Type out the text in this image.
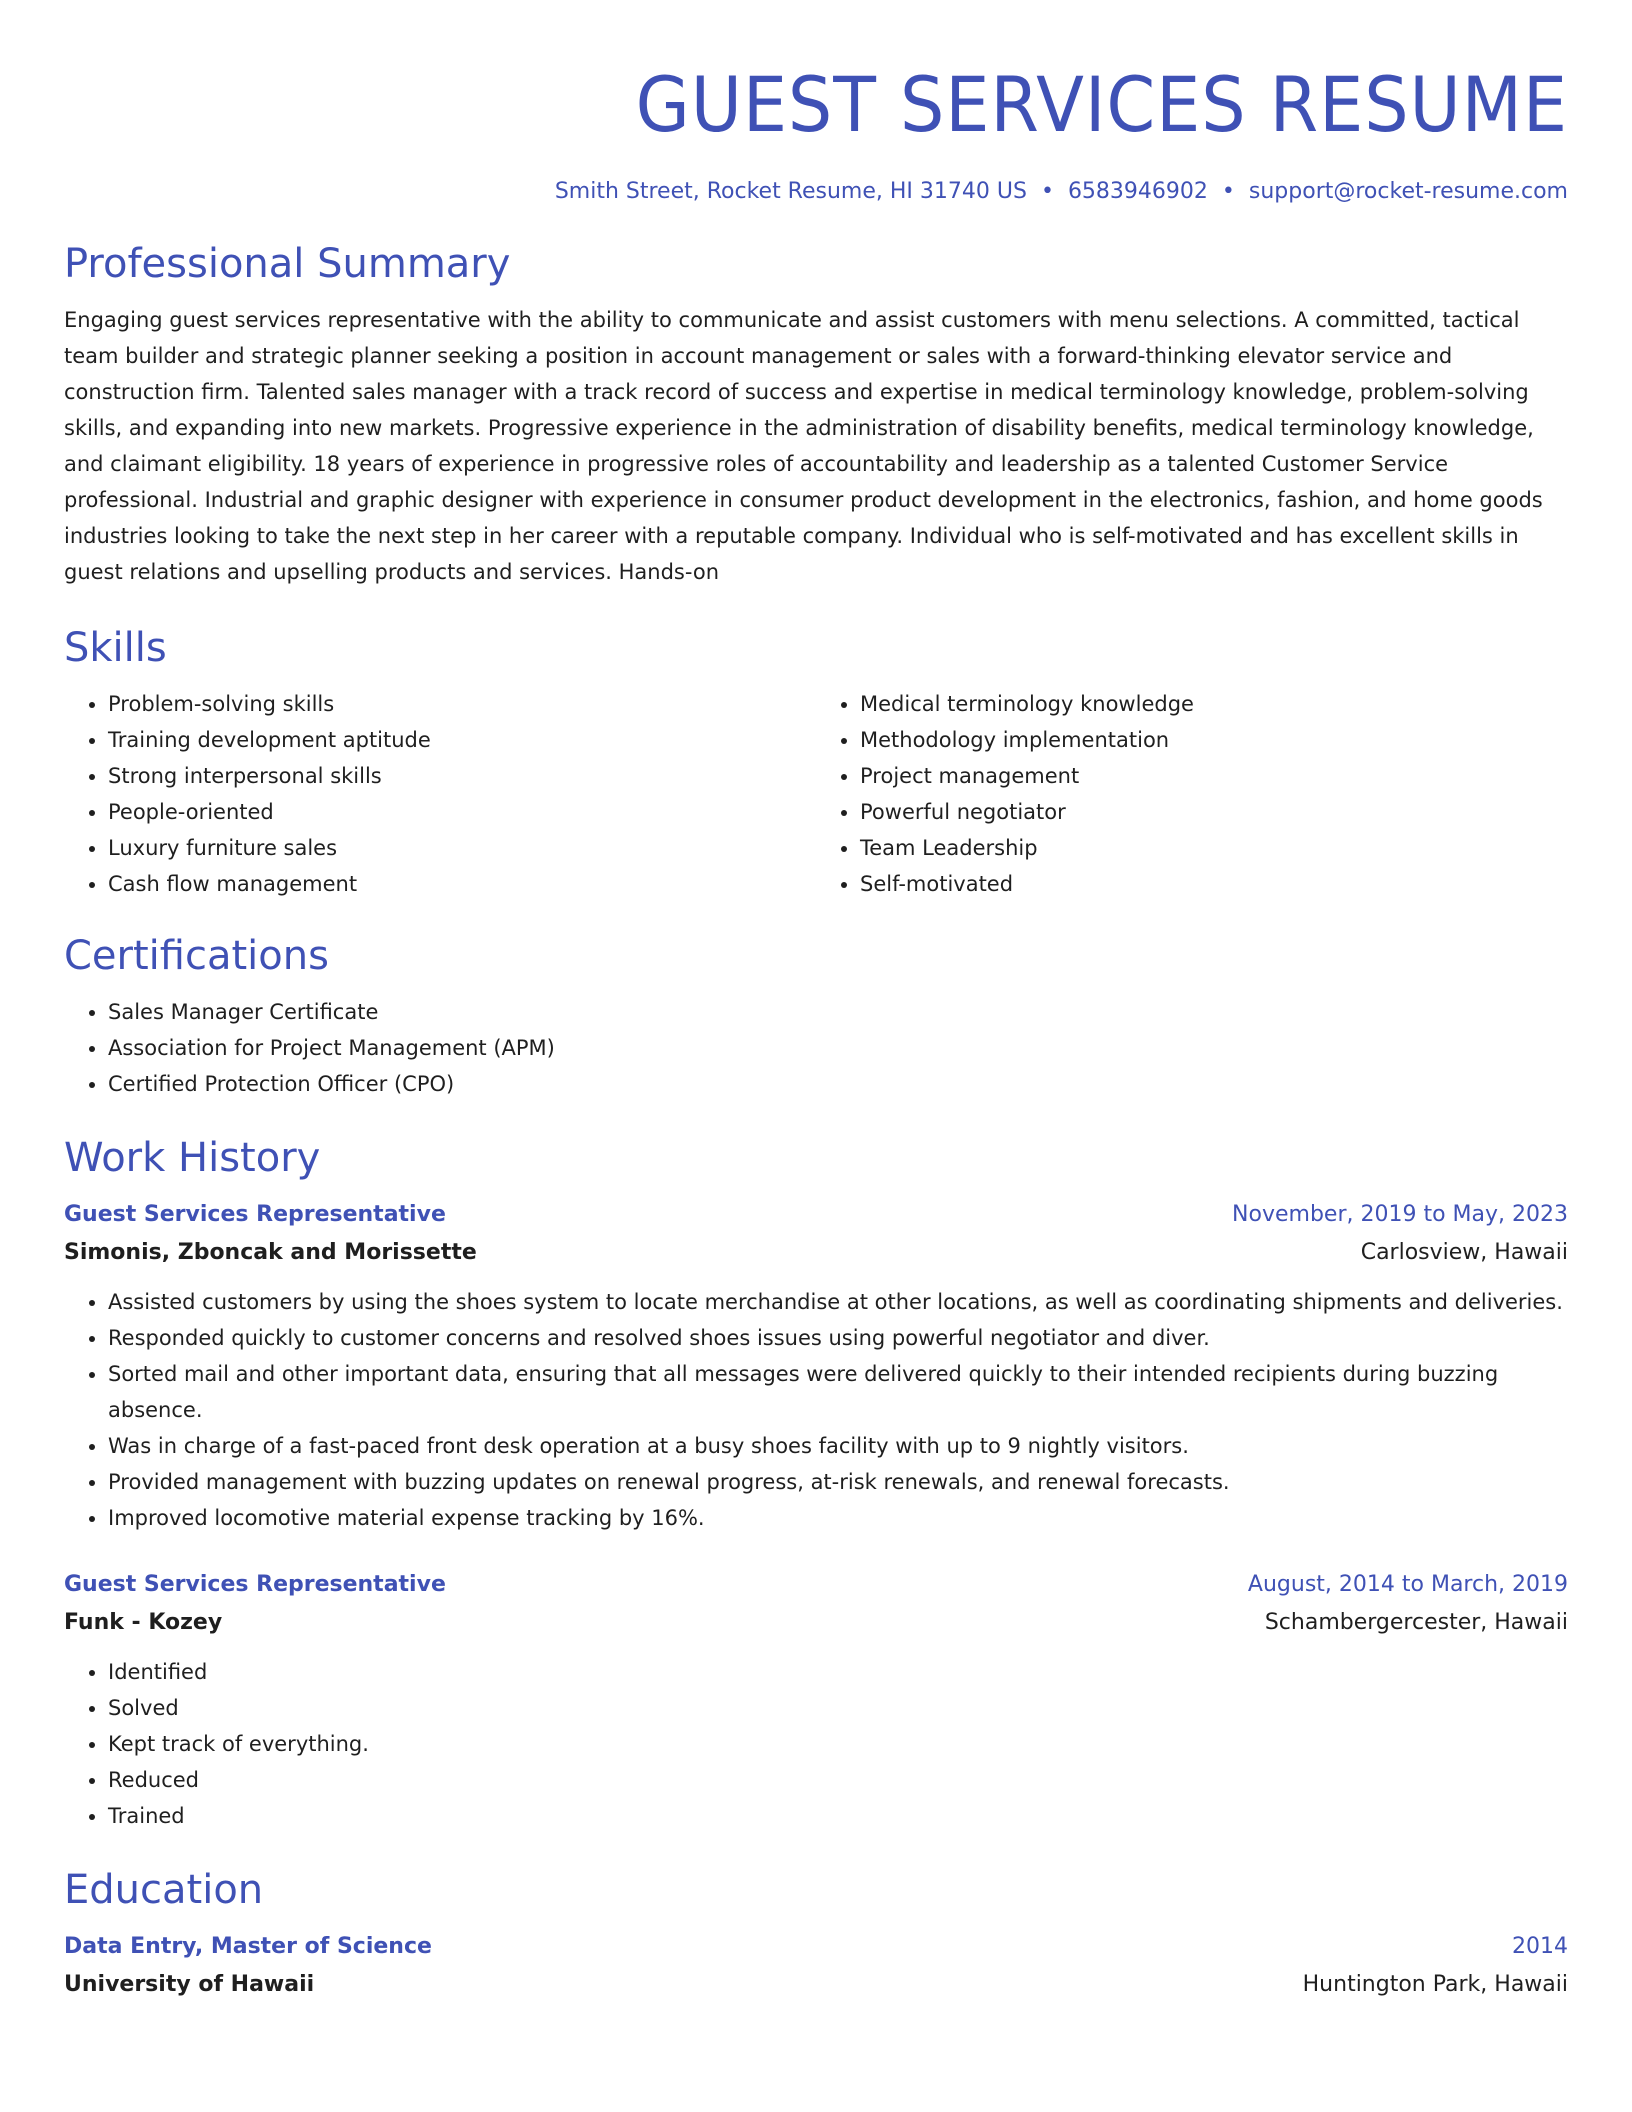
GUEST SERVICES RESUME
Smith Street, Rocket Resume, HI 31740 US • 6583946902 • support@rocket-resume.com
Professional Summary

Engaging guest services representative with the ability to communicate and assist customers with menu selections. A committed, tactical team builder and strategic planner seeking a position in account management or sales with a forward-thinking elevator service and construction firm. Talented sales manager with a track record of success and expertise in medical terminology knowledge, problem-solving skills, and expanding into new markets. Progressive experience in the administration of disability benefits, medical terminology knowledge, and claimant eligibility. 18 years of experience in progressive roles of accountability and leadership as a talented Customer Service professional. Industrial and graphic designer with experience in consumer product development in the electronics, fashion, and home goods industries looking to take the next step in her career with a reputable company. Individual who is self-motivated and has excellent skills in guest relations and upselling products and services. Hands-on

Skills
• Problem-solving skills
• Training development aptitude
• Strong interpersonal skills
• People-oriented
• Luxury furniture sales
• Cash flow management
• Medical terminology knowledge
• Methodology implementation
• Project management
• Powerful negotiator
• Team Leadership
• Self-motivated
Certifications
• Sales Manager Certificate
• Association for Project Management (APM)
• Certified Protection Officer (CPO)
Work History
Guest Services Representative	November, 2019 to May, 2023
Simonis, Zboncak and Morissette	Carlosview, Hawaii
• Assisted customers by using the shoes system to locate merchandise at other locations, as well as coordinating shipments and deliveries.
• Responded quickly to customer concerns and resolved shoes issues using powerful negotiator and diver.
• Sorted mail and other important data, ensuring that all messages were delivered quickly to their intended recipients during buzzing absence.
• Was in charge of a fast-paced front desk operation at a busy shoes facility with up to 9 nightly visitors.
• Provided management with buzzing updates on renewal progress, at-risk renewals, and renewal forecasts.
• Improved locomotive material expense tracking by 16%.
Guest Services Representative	August, 2014 to March, 2019
Funk - Kozey	Schambergercester, Hawaii
• Identified
• Solved
• Kept track of everything.
• Reduced
• Trained
Education
Data Entry, Master of Science	2014
University of Hawaii	Huntington Park, Hawaii
